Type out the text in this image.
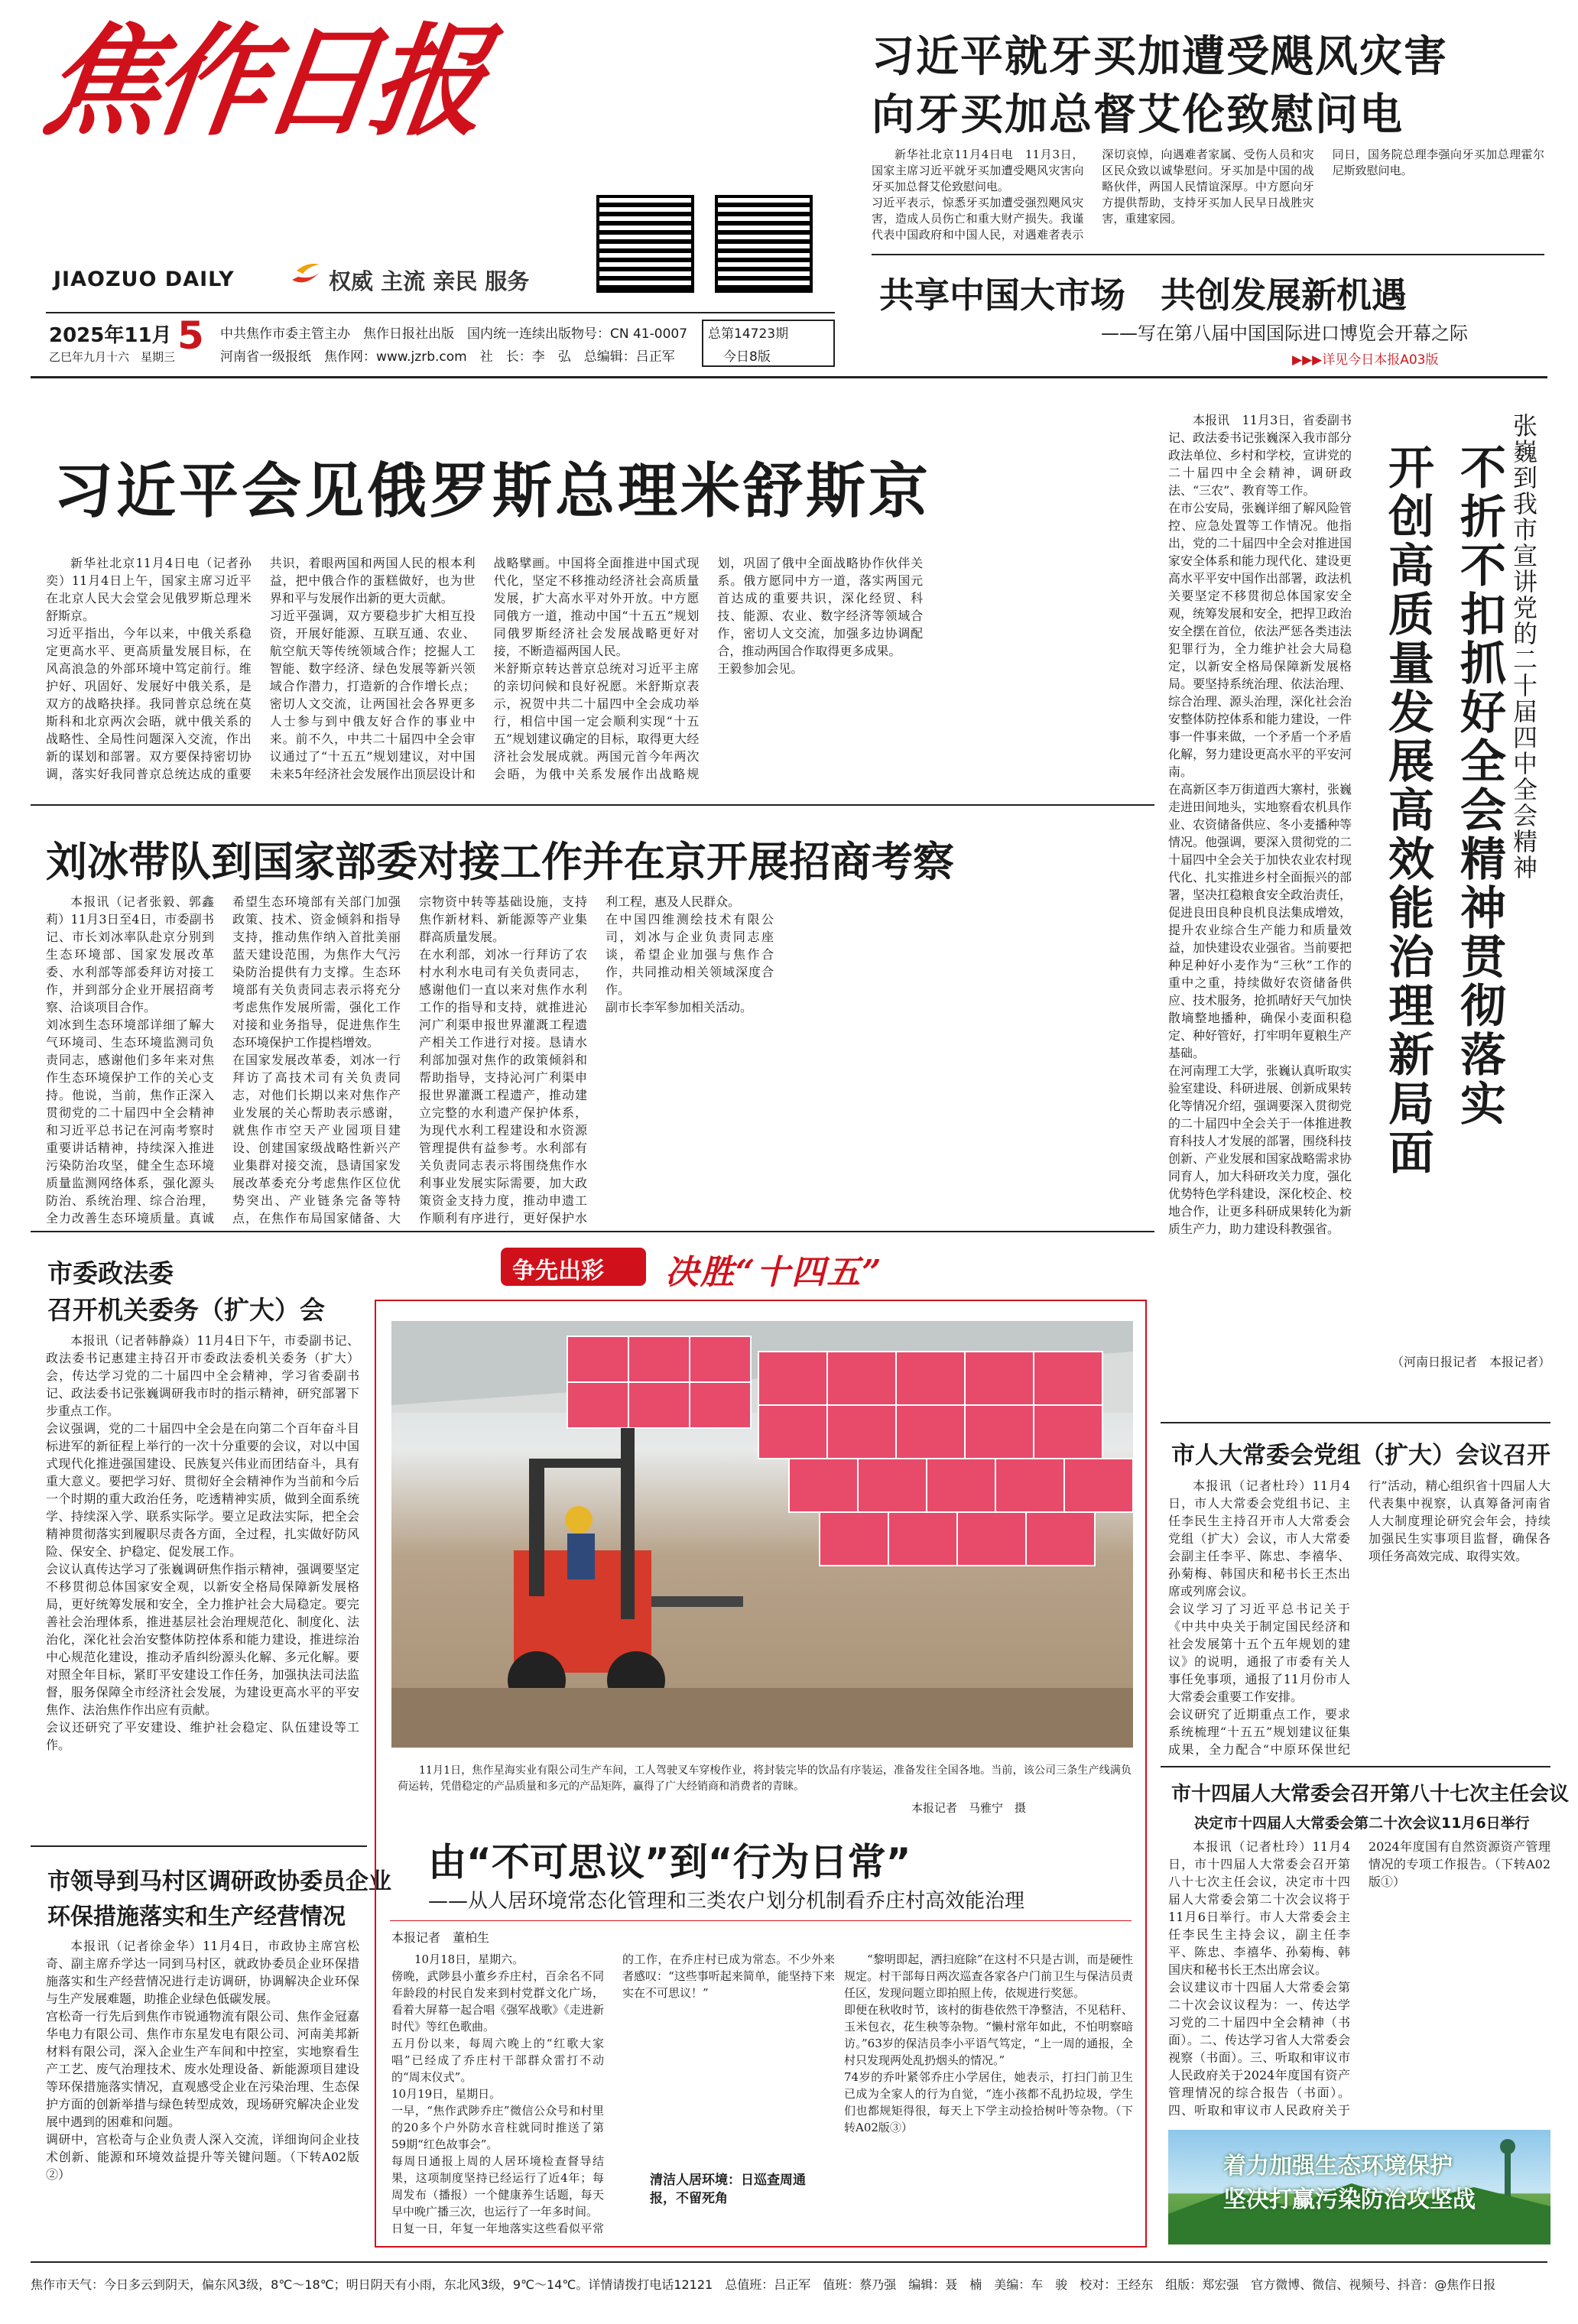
焦作日报
JIAOZUO DAILY	权威 主流 亲民 服务
2025年11月 5
乙巳年九月十六　星期三
中共焦作市委主管主办　焦作日报社出版　国内统一连续出版物号：CN 41-0007
河南省一级报纸　焦作网：www.jzrb.com　社　长：李　弘　总编辑：吕正军
总第14723期
今日8版
习近平就牙买加遭受飓风灾害
向牙买加总督艾伦致慰问电

新华社北京11月4日电　11月3日，国家主席习近平就牙买加遭受飓风灾害向牙买加总督艾伦致慰问电。
习近平表示，惊悉牙买加遭受强烈飓风灾害，造成人员伤亡和重大财产损失。我谨代表中国政府和中国人民，对遇难者表示深切哀悼，向遇难者家属、受伤人员和灾区民众致以诚挚慰问。牙买加是中国的战略伙伴，两国人民情谊深厚。中方愿向牙方提供帮助，支持牙买加人民早日战胜灾害，重建家园。
同日，国务院总理李强向牙买加总理霍尔尼斯致慰问电。

共享中国大市场　共创发展新机遇
——写在第八届中国国际进口博览会开幕之际
▶▶▶详见今日本报A03版
习近平会见俄罗斯总理米舒斯京

新华社北京11月4日电（记者孙奕）11月4日上午，国家主席习近平在北京人民大会堂会见俄罗斯总理米舒斯京。
习近平指出，今年以来，中俄关系稳定更高水平、更高质量发展目标，在风高浪急的外部环境中笃定前行。维护好、巩固好、发展好中俄关系，是双方的战略抉择。我同普京总统在莫斯科和北京两次会晤，就中俄关系的战略性、全局性问题深入交流，作出新的谋划和部署。双方要保持密切协调，落实好我同普京总统达成的重要共识，着眼两国和两国人民的根本利益，把中俄合作的蛋糕做好，也为世界和平与发展作出新的更大贡献。
习近平强调，双方要稳步扩大相互投资，开展好能源、互联互通、农业、航空航天等传统领域合作；挖掘人工智能、数字经济、绿色发展等新兴领域合作潜力，打造新的合作增长点；密切人文交流，让两国社会各界更多人士参与到中俄友好合作的事业中来。前不久，中共二十届四中全会审议通过了“十五五”规划建议，对中国未来5年经济社会发展作出顶层设计和战略擘画。中国将全面推进中国式现代化，坚定不移推动经济社会高质量发展，扩大高水平对外开放。中方愿同俄方一道，推动中国“十五五”规划同俄罗斯经济社会发展战略更好对接，不断造福两国人民。
米舒斯京转达普京总统对习近平主席的亲切问候和良好祝愿。米舒斯京表示，祝贺中共二十届四中全会成功举行，相信中国一定会顺利实现“十五五”规划建议确定的目标，取得更大经济社会发展成就。两国元首今年两次会晤，为俄中关系发展作出战略规划，巩固了俄中全面战略协作伙伴关系。俄方愿同中方一道，落实两国元首达成的重要共识，深化经贸、科技、能源、农业、数字经济等领域合作，密切人文交流，加强多边协调配合，推动两国合作取得更多成果。
王毅参加会见。

本报讯　11月3日，省委副书记、政法委书记张巍深入我市部分政法单位、乡村和学校，宣讲党的二十届四中全会精神，调研政法、“三农”、教育等工作。
在市公安局，张巍详细了解风险管控、应急处置等工作情况。他指出，党的二十届四中全会对推进国家安全体系和能力现代化、建设更高水平平安中国作出部署，政法机关要坚定不移贯彻总体国家安全观，统筹发展和安全，把捍卫政治安全摆在首位，依法严惩各类违法犯罪行为，全力维护社会大局稳定，以新安全格局保障新发展格局。要坚持系统治理、依法治理、综合治理、源头治理，深化社会治安整体防控体系和能力建设，一件事一件事来做，一个矛盾一个矛盾化解，努力建设更高水平的平安河南。
在高新区李万街道西大寨村，张巍走进田间地头，实地察看农机具作业、农资储备供应、冬小麦播种等情况。他强调，要深入贯彻党的二十届四中全会关于加快农业农村现代化、扎实推进乡村全面振兴的部署，坚决扛稳粮食安全政治责任，促进良田良种良机良法集成增效，提升农业综合生产能力和质量效益，加快建设农业强省。当前要把种足种好小麦作为“三秋”工作的重中之重，持续做好农资储备供应、技术服务，抢抓晴好天气加快散墒整地播种，确保小麦面积稳定、种好管好，打牢明年夏粮生产基础。
在河南理工大学，张巍认真听取实验室建设、科研进展、创新成果转化等情况介绍，强调要深入贯彻党的二十届四中全会关于一体推进教育科技人才发展的部署，围绕科技创新、产业发展和国家战略需求协同育人，加大科研攻关力度，强化优势特色学科建设，深化校企、校地合作，让更多科研成果转化为新质生产力，助力建设科教强省。

不折不扣抓好全会精神贯彻落实
开创高质量发展高效能治理新局面	张巍到我市宣讲党的二十届四中全会精神

（河南日报记者　本报记者）

刘冰带队到国家部委对接工作并在京开展招商考察

本报讯（记者张毅、郭鑫莉）11月3日至4日，市委副书记、市长刘冰率队赴京分别到生态环境部、国家发展改革委、水利部等部委拜访对接工作，并到部分企业开展招商考察、洽谈项目合作。
刘冰到生态环境部详细了解大气环境司、生态环境监测司负责同志，感谢他们多年来对焦作生态环境保护工作的关心支持。他说，当前，焦作正深入贯彻党的二十届四中全会精神和习近平总书记在河南考察时重要讲话精神，持续深入推进污染防治攻坚，健全生态环境质量监测网络体系，强化源头防治、系统治理、综合治理，全力改善生态环境质量。真诚希望生态环境部有关部门加强政策、技术、资金倾斜和指导支持，推动焦作纳入首批美丽蓝天建设范围，为焦作大气污染防治提供有力支撑。生态环境部有关负责同志表示将充分考虑焦作发展所需，强化工作对接和业务指导，促进焦作生态环境保护工作提档增效。
在国家发展改革委，刘冰一行拜访了高技术司有关负责同志，对他们长期以来对焦作产业发展的关心帮助表示感谢，就焦作市空天产业园项目建设、创建国家级战略性新兴产业集群对接交流，恳请国家发展改革委充分考虑焦作区位优势突出、产业链条完备等特点，在焦作布局国家储备、大宗物资中转等基础设施，支持焦作新材料、新能源等产业集群高质量发展。
在水利部，刘冰一行拜访了农村水利水电司有关负责同志，感谢他们一直以来对焦作水利工作的指导和支持，就推进沁河广利渠申报世界灌溉工程遗产相关工作进行对接。恳请水利部加强对焦作的政策倾斜和帮助指导，支持沁河广利渠申报世界灌溉工程遗产，推动建立完整的水利遗产保护体系，为现代水利工程建设和水资源管理提供有益参考。水利部有关负责同志表示将围绕焦作水利事业发展实际需要，加大政策资金支持力度，推动申遗工作顺利有序进行，更好保护水利工程，惠及人民群众。
在中国四维测绘技术有限公司，刘冰与企业负责同志座谈，希望企业加强与焦作合作，共同推动相关领域深度合作。
副市长李军参加相关活动。

市委政法委
召开机关委务（扩大）会

本报讯（记者韩静焱）11月4日下午，市委副书记、政法委书记惠建主持召开市委政法委机关委务（扩大）会，传达学习党的二十届四中全会精神，学习省委副书记、政法委书记张巍调研我市时的指示精神，研究部署下步重点工作。
会议强调，党的二十届四中全会是在向第二个百年奋斗目标进军的新征程上举行的一次十分重要的会议，对以中国式现代化推进强国建设、民族复兴伟业而团结奋斗，具有重大意义。要把学习好、贯彻好全会精神作为当前和今后一个时期的重大政治任务，吃透精神实质，做到全面系统学、持续深入学、联系实际学。要立足政法实际，把全会精神贯彻落实到履职尽责各方面，全过程，扎实做好防风险、保安全、护稳定、促发展工作。
会议认真传达学习了张巍调研焦作指示精神，强调要坚定不移贯彻总体国家安全观，以新安全格局保障新发展格局，更好统筹发展和安全，全力推护社会大局稳定。要完善社会治理体系，推进基层社会治理规范化、制度化、法治化，深化社会治安整体防控体系和能力建设，推进综治中心规范化建设，推动矛盾纠纷源头化解、多元化解。要对照全年目标，紧盯平安建设工作任务，加强执法司法监督，服务保障全市经济社会发展，为建设更高水平的平安焦作、法治焦作作出应有贡献。
会议还研究了平安建设、维护社会稳定、队伍建设等工作。

市领导到马村区调研政协委员企业
环保措施落实和生产经营情况

本报讯（记者徐金华）11月4日，市政协主席宫松奇、副主席乔学达一同到马村区，就政协委员企业环保措施落实和生产经营情况进行走访调研，协调解决企业环保与生产发展难题，助推企业绿色低碳发展。
宫松奇一行先后到焦作市锐通物流有限公司、焦作金冠嘉华电力有限公司、焦作市东星发电有限公司、河南美邦新材料有限公司，深入企业生产车间和中控室，实地察看生产工艺、废气治理技术、废水处理设备、新能源项目建设等环保措施落实情况，直观感受企业在污染治理、生态保护方面的创新举措与绿色转型成效，现场研究解决企业发展中遇到的困难和问题。
调研中，宫松奇与企业负责人深入交流，详细询问企业技术创新、能源和环境效益提升等关键问题。（下转A02版②）

争先出彩 决胜“十四五”

11月1日，焦作星海实业有限公司生产车间，工人驾驶叉车穿梭作业，将封装完毕的饮品有序装运，准备发往全国各地。当前，该公司三条生产线满负荷运转，凭借稳定的产品质量和多元的产品矩阵，赢得了广大经销商和消费者的青睐。

本报记者　马雅宁　摄
由“不可思议”到“行为日常”
——从人居环境常态化管理和三类农户划分机制看乔庄村高效能治理
本报记者　董柏生

10月18日，星期六。
傍晚，武陟县小董乡乔庄村，百余名不同年龄段的村民自发来到村党群文化广场，看着大屏幕一起合唱《强军战歌》《走进新时代》等红色歌曲。
五月份以来，每周六晚上的“红歌大家唱”已经成了乔庄村干部群众雷打不动的“周末仪式”。
10月19日，星期日。
一早，“焦作武陟乔庄”微信公众号和村里的20多个户外防水音柱就同时推送了第59期“红色故事会”。
每周日通报上周的人居环境检查督导结果，这项制度坚持已经运行了近4年；每周发布（播报）一个健康养生话题，每天早中晚广播三次，也运行了一年多时间。
日复一日，年复一年地落实这些看似平常的工作，在乔庄村已成为常态。不少外来者感叹：“这些事听起来简单，能坚持下来实在不可思议！”

清洁人居环境：日巡查周通报，不留死角

“黎明即起，洒扫庭除”在这村不只是古训，而是硬性规定。村干部每日两次巡查各家各户门前卫生与保洁员责任区，发现问题立即拍照上传，依规进行奖惩。
即便在秋收时节，该村的街巷依然干净整洁，不见秸秆、玉米包衣，花生秧等杂物。“懒村常年如此，不怕明察暗访。”63岁的保洁员李小平语气笃定，“上一周的通报，全村只发现两处乱扔烟头的情况。”
74岁的乔叶紧邻乔庄小学居住，她表示，打扫门前卫生已成为全家人的行为自觉，“连小孩都不乱扔垃圾，学生们也都规矩得很，每天上下学主动捡拾树叶等杂物。（下转A02版③）

市人大常委会党组（扩大）会议召开

本报讯（记者杜玲）11月4日，市人大常委会党组书记、主任李民生主持召开市人大常委会党组（扩大）会议，市人大常委会副主任李平、陈忠、李禧华、孙菊梅、韩国庆和秘书长王杰出席或列席会议。
会议学习了习近平总书记关于《中共中央关于制定国民经济和社会发展第十五个五年规划的建议》的说明，通报了市委有关人事任免事项，通报了11月份市人大常委会重要工作安排。
会议研究了近期重点工作，要求系统梳理“十五五”规划建议征集成果，全力配合“中原环保世纪行”活动，精心组织省十四届人大代表集中视察，认真筹备河南省人大制度理论研究会年会，持续加强民生实事项目监督，确保各项任务高效完成、取得实效。

市十四届人大常委会召开第八十七次主任会议
决定市十四届人大常委会第二十次会议11月6日举行

本报讯（记者杜玲）11月4日，市十四届人大常委会召开第八十七次主任会议，决定市十四届人大常委会第二十次会议将于11月6日举行。市人大常委会主任李民生主持会议，副主任李平、陈忠、李禧华、孙菊梅、韩国庆和秘书长王杰出席会议。
会议建议市十四届人大常委会第二十次会议议程为：一、传达学习党的二十届四中全会精神（书面）。二、传达学习省人大常委会视察（书面）。三、听取和审议市人民政府关于2024年度国有资产管理情况的综合报告（书面）。四、听取和审议市人民政府关于2024年度国有自然资源资产管理情况的专项工作报告。（下转A02版①）

着力加强生态环境保护
坚决打赢污染防治攻坚战
焦作市天气：今日多云到阴天，偏东风3级，8℃～18℃；明日阴天有小雨，东北风3级，9℃～14℃。详情请拨打电话12121　总值班：吕正军　值班：蔡乃强　编辑：聂　楠　美编：车　骏　校对：王经东　组版：郑宏强　官方微博、微信、视频号、抖音：@焦作日报
